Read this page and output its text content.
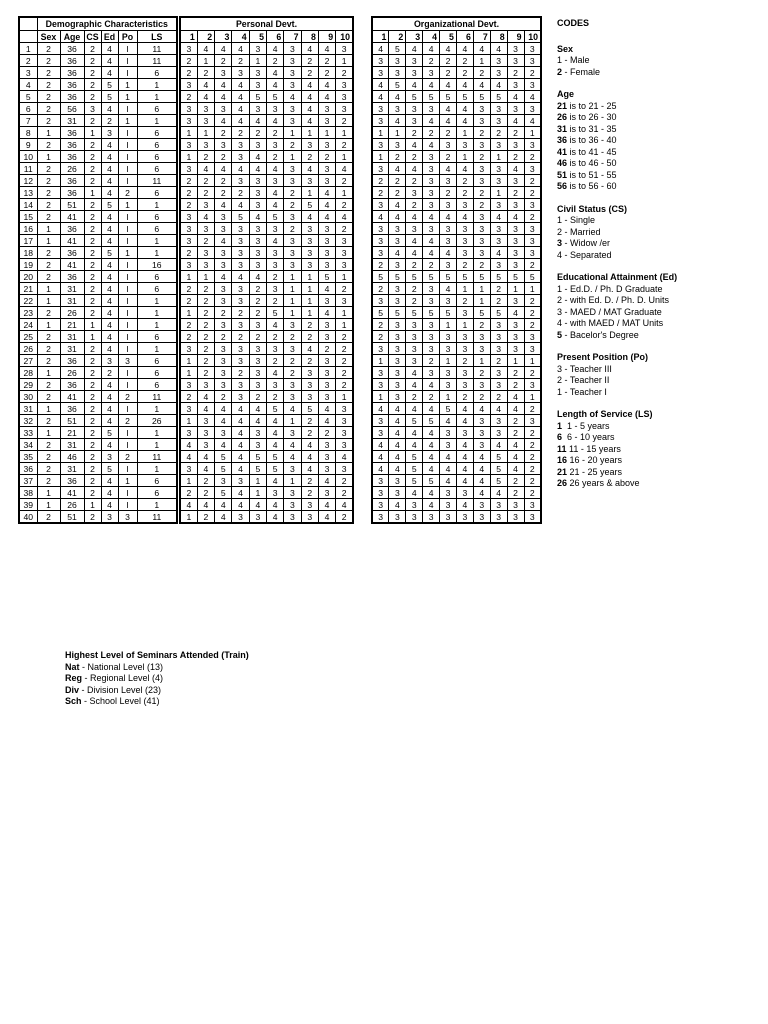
	Demographic Characteristics					
	Sex	Age	CS	Ed	Po	LS
1	2	36	2	4	I	11
2	2	36	2	4	I	11
3	2	36	2	4	I	6
4	2	36	2	5	1	1
5	2	36	2	5	1	1
6	2	56	3	4	I	6
7	2	31	2	2	1	1
8	1	36	1	3	I	6
9	2	36	2	4	I	6
10	1	36	2	4	I	6
11	2	26	2	4	I	6
12	2	36	2	4	I	11
13	2	36	1	4	2	6
14	2	51	2	5	1	1
15	2	41	2	4	I	6
16	1	36	2	4	I	6
17	1	41	2	4	I	1
18	2	36	2	5	1	1
19	2	41	2	4	I	16
20	2	36	2	4	I	6
21	1	31	2	4	I	6
22	1	31	2	4	I	1
23	2	26	2	4	I	1
24	1	21	1	4	I	1
25	2	31	1	4	I	6
26	2	31	2	4	I	1
27	2	36	2	3	3	6
28	1	26	2	2	I	6
29	2	36	2	4	I	6
30	2	41	2	4	2	11
31	1	36	2	4	I	1
32	2	51	2	4	2	26
33	1	21	2	5	I	1
34	2	31	2	4	I	1
35	2	46	2	3	2	11
36	2	31	2	5	I	1
37	2	36	2	4	1	6
38	1	41	2	4	I	6
39	1	26	1	4	I	1
40	2	51	2	3	3	11
Personal Devt.									
1	2	3	4	5	6	7	8	9	10
3	4	4	4	3	4	3	4	4	3
2	1	2	2	1	2	3	2	2	1
2	2	3	3	3	4	3	2	2	2
3	4	4	4	3	4	3	4	4	3
2	4	4	4	5	5	4	4	4	3
3	3	3	4	3	3	3	4	3	3
3	3	4	4	4	4	3	4	3	2
1	1	2	2	2	2	1	1	1	1
3	3	3	3	3	3	2	3	3	2
1	2	2	3	4	2	1	2	2	1
3	4	4	4	4	4	3	4	3	4
2	2	2	3	3	3	3	3	3	2
2	2	2	2	3	4	2	1	4	1
2	3	4	4	3	4	2	5	4	2
3	4	3	5	4	5	3	4	4	4
3	3	3	3	3	3	2	3	3	2
3	2	4	3	3	4	3	3	3	3
2	3	3	3	3	3	3	3	3	3
3	3	3	3	3	3	3	3	3	3
1	1	4	4	4	2	1	1	5	1
2	2	3	3	2	3	1	1	4	2
2	2	3	3	2	2	1	1	3	3
1	2	2	2	2	5	1	1	4	1
2	2	3	3	3	4	3	2	3	1
2	2	2	2	2	2	2	2	3	2
3	2	3	3	3	3	3	4	2	2
1	2	3	3	3	2	2	2	3	2
1	2	3	2	3	4	2	3	3	2
3	3	3	3	3	3	3	3	3	2
2	4	2	3	2	2	3	3	3	1
3	4	4	4	4	5	4	5	4	3
1	3	4	4	4	4	1	2	4	3
3	3	3	4	3	4	3	2	2	3
4	3	4	4	3	4	4	4	3	3
4	4	5	4	5	5	4	4	3	4
3	4	5	4	5	5	3	4	3	3
1	2	3	3	1	4	1	2	4	2
2	2	5	4	1	3	3	2	3	2
4	4	4	4	4	4	3	3	4	4
1	2	4	3	3	4	3	3	4	2
Organizational Devt.									
1	2	3	4	5	6	7	8	9	10
4	5	4	4	4	4	4	4	3	3
3	3	3	2	2	2	1	3	3	3
3	3	3	3	2	2	2	3	2	2
4	5	4	4	4	4	4	4	3	3
4	4	5	5	5	5	5	5	4	4
3	3	3	3	4	4	3	3	3	3
3	4	3	4	4	4	3	3	4	4
1	1	2	2	2	1	2	2	2	1
3	3	4	4	3	3	3	3	3	3
1	2	2	3	2	1	2	1	2	2
3	4	4	3	4	4	3	3	4	3
2	2	2	3	3	2	3	3	3	2
2	2	3	3	2	2	2	1	2	2
3	4	2	3	3	3	2	3	3	3
4	4	4	4	4	4	3	4	4	2
3	3	3	3	3	3	3	3	3	3
3	3	4	4	3	3	3	3	3	3
3	4	4	4	4	3	3	4	3	3
2	3	2	2	3	2	2	3	3	2
5	5	5	5	5	5	5	5	5	5
2	3	2	3	4	1	1	2	1	1
3	3	2	3	3	2	1	2	3	2
5	5	5	5	5	3	5	5	4	2
2	3	3	3	1	1	2	3	3	2
2	3	3	3	3	3	3	3	3	3
3	3	3	3	3	3	3	3	3	3
1	3	3	2	1	2	1	2	1	1
3	3	4	3	3	3	2	3	2	2
3	3	4	4	3	3	3	3	2	3
1	3	2	2	1	2	2	2	4	1
4	4	4	4	5	4	4	4	4	2
3	4	5	5	4	4	3	3	2	3
3	4	4	4	3	3	3	3	2	2
4	4	4	4	3	4	3	4	4	2
4	4	5	4	4	4	4	5	4	2
4	4	5	4	4	4	4	5	4	2
3	3	5	5	4	4	4	5	2	2
3	3	4	4	3	3	4	4	2	2
3	4	3	4	3	4	3	3	3	3
3	3	3	3	3	3	3	3	3	3
CODES
Sex
1 - Male
2 - Female
Age
21 is to 21 - 25
26 is to 26 - 30
31 is to 31 - 35
36 is to 36 - 40
41 is to 41 - 45
46 is to 46 - 50
51 is to 51 - 55
56 is to 56 - 60
Civil Status (CS)
1 - Single
2 - Married
3 - Widow /er
4 - Separated
Educational Attainment (Ed)
1 - Ed.D. / Ph. D Graduate
2 - with Ed. D. / Ph. D. Units
3 - MAED / MAT Graduate
4 - with MAED / MAT Units
5 - Bacelor's Degree
Present Position (Po)
3 - Teacher III
2 - Teacher II
1 - Teacher I
Length of Service (LS)
1  1 - 5 years
6  6 - 10 years
11 11 - 15 years
16 16 - 20 years
21 21 - 25 years
26 26 years & above
Highest Level of Seminars Attended (Train)
Nat - National Level (13)
Reg - Regional Level (4)
Div - Division Level (23)
Sch - School Level (41)
